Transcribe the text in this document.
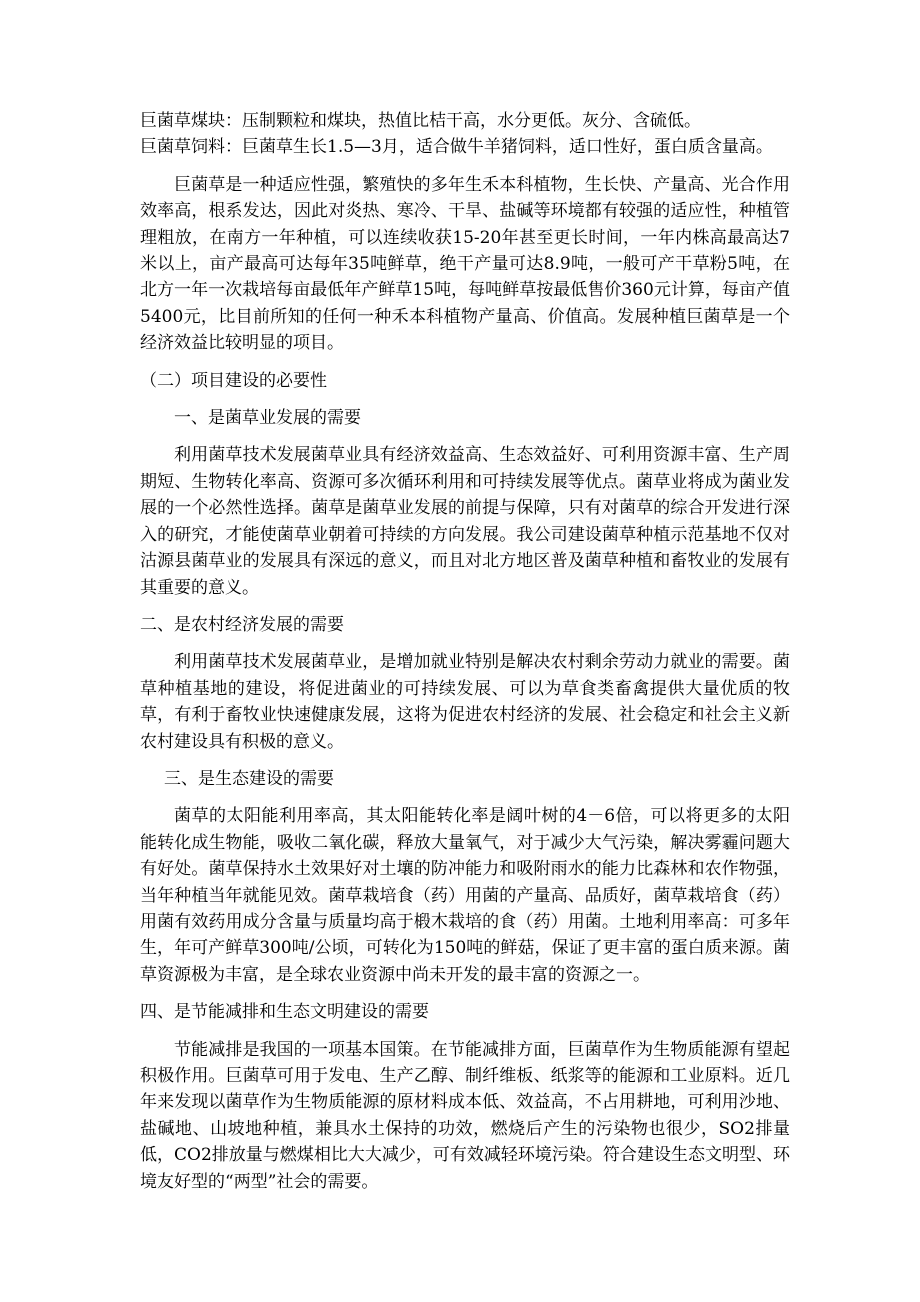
巨菌草煤块：压制颗粒和煤块，热值比桔干高，水分更低。灰分、含硫低。

巨菌草饲料：巨菌草生长1.5—3月，适合做牛羊猪饲料，适口性好，蛋白质含量高。

巨菌草是一种适应性强，繁殖快的多年生禾本科植物，生长快、产量高、光合作用效率高，根系发达，因此对炎热、寒冷、干旱、盐碱等环境都有较强的适应性，种植管理粗放，在南方一年种植，可以连续收获15-20年甚至更长时间，一年内株高最高达7米以上，亩产最高可达每年35吨鲜草，绝干产量可达8.9吨，一般可产干草粉5吨，在北方一年一次栽培每亩最低年产鲜草15吨，每吨鲜草按最低售价360元计算，每亩产值5400元，比目前所知的任何一种禾本科植物产量高、价值高。发展种植巨菌草是一个经济效益比较明显的项目。

（二）项目建设的必要性

一、是菌草业发展的需要

利用菌草技术发展菌草业具有经济效益高、生态效益好、可利用资源丰富、生产周期短、生物转化率高、资源可多次循环利用和可持续发展等优点。菌草业将成为菌业发展的一个必然性选择。菌草是菌草业发展的前提与保障，只有对菌草的综合开发进行深入的研究，才能使菌草业朝着可持续的方向发展。我公司建设菌草种植示范基地不仅对沽源县菌草业的发展具有深远的意义，而且对北方地区普及菌草种植和畜牧业的发展有其重要的意义。

二、是农村经济发展的需要

利用菌草技术发展菌草业，是增加就业特别是解决农村剩余劳动力就业的需要。菌草种植基地的建设，将促进菌业的可持续发展、可以为草食类畜禽提供大量优质的牧草，有利于畜牧业快速健康发展，这将为促进农村经济的发展、社会稳定和社会主义新农村建设具有积极的意义。

三、是生态建设的需要

菌草的太阳能利用率高，其太阳能转化率是阔叶树的4－6倍，可以将更多的太阳能转化成生物能，吸收二氧化碳，释放大量氧气，对于减少大气污染，解决雾霾问题大有好处。菌草保持水土效果好对土壤的防冲能力和吸附雨水的能力比森林和农作物强，当年种植当年就能见效。菌草栽培食（药）用菌的产量高、品质好，菌草栽培食（药）用菌有效药用成分含量与质量均高于椴木栽培的食（药）用菌。土地利用率高：可多年生，年可产鲜草300吨/公顷，可转化为150吨的鲜菇，保证了更丰富的蛋白质来源。菌草资源极为丰富，是全球农业资源中尚未开发的最丰富的资源之一。

四、是节能减排和生态文明建设的需要

节能减排是我国的一项基本国策。在节能减排方面，巨菌草作为生物质能源有望起积极作用。巨菌草可用于发电、生产乙醇、制纤维板、纸浆等的能源和工业原料。近几年来发现以菌草作为生物质能源的原材料成本低、效益高，不占用耕地，可利用沙地、盐碱地、山坡地种植，兼具水土保持的功效，燃烧后产生的污染物也很少，SO2排量低，CO2排放量与燃煤相比大大减少，可有效减轻环境污染。符合建设生态文明型、环境友好型的“两型”社会的需要。
